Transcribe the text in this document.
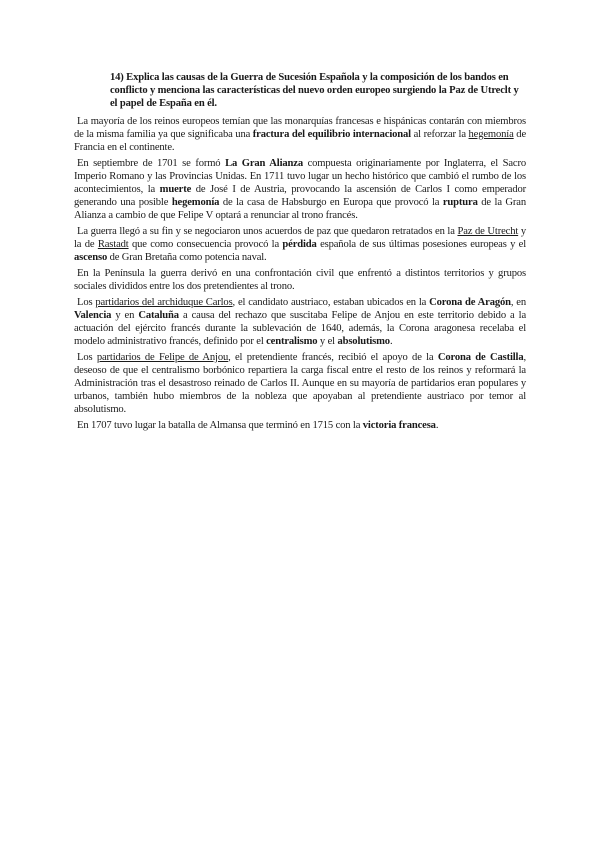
14) Explica las causas de la Guerra de Sucesión Española y la composición de los bandos en conflicto y menciona las características del nuevo orden europeo surgiendo la Paz de Utreclt y el papel de España en él.

La mayoría de los reinos europeos temían que las monarquías francesas e hispánicas contarán con miembros de la misma familia ya que significaba una fractura del equilibrio internacional al reforzar la hegemonía de Francia en el continente.

En septiembre de 1701 se formó La Gran Alianza compuesta originariamente por Inglaterra, el Sacro Imperio Romano y las Provincias Unidas. En 1711 tuvo lugar un hecho histórico que cambió el rumbo de los acontecimientos, la muerte de José I de Austria, provocando la ascensión de Carlos I como emperador generando una posible hegemonía de la casa de Habsburgo en Europa que provocó la ruptura de la Gran Alianza a cambio de que Felipe V optará a renunciar al trono francés.

La guerra llegó a su fin y se negociaron unos acuerdos de paz que quedaron retratados en la Paz de Utrecht y la de Rastadt que como consecuencia provocó la pérdida española de sus últimas posesiones europeas y el ascenso de Gran Bretaña como potencia naval.

En la Península la guerra derivó en una confrontación civil que enfrentó a distintos territorios y grupos sociales divididos entre los dos pretendientes al trono.

Los partidarios del archiduque Carlos, el candidato austriaco, estaban ubicados en la Corona de Aragón, en Valencia y en Cataluña a causa del rechazo que suscitaba Felipe de Anjou en este territorio debido a la actuación del ejército francés durante la sublevación de 1640, además, la Corona aragonesa recelaba el modelo administrativo francés, definido por el centralismo y el absolutismo.

Los partidarios de Felipe de Anjou, el pretendiente francés, recibió el apoyo de la Corona de Castilla, deseoso de que el centralismo borbónico repartiera la carga fiscal entre el resto de los reinos y reformará la Administración tras el desastroso reinado de Carlos II. Aunque en su mayoría de partidarios eran populares y urbanos, también hubo miembros de la nobleza que apoyaban al pretendiente austriaco por temor al absolutismo.

En 1707 tuvo lugar la batalla de Almansa que terminó en 1715 con la victoria francesa.
